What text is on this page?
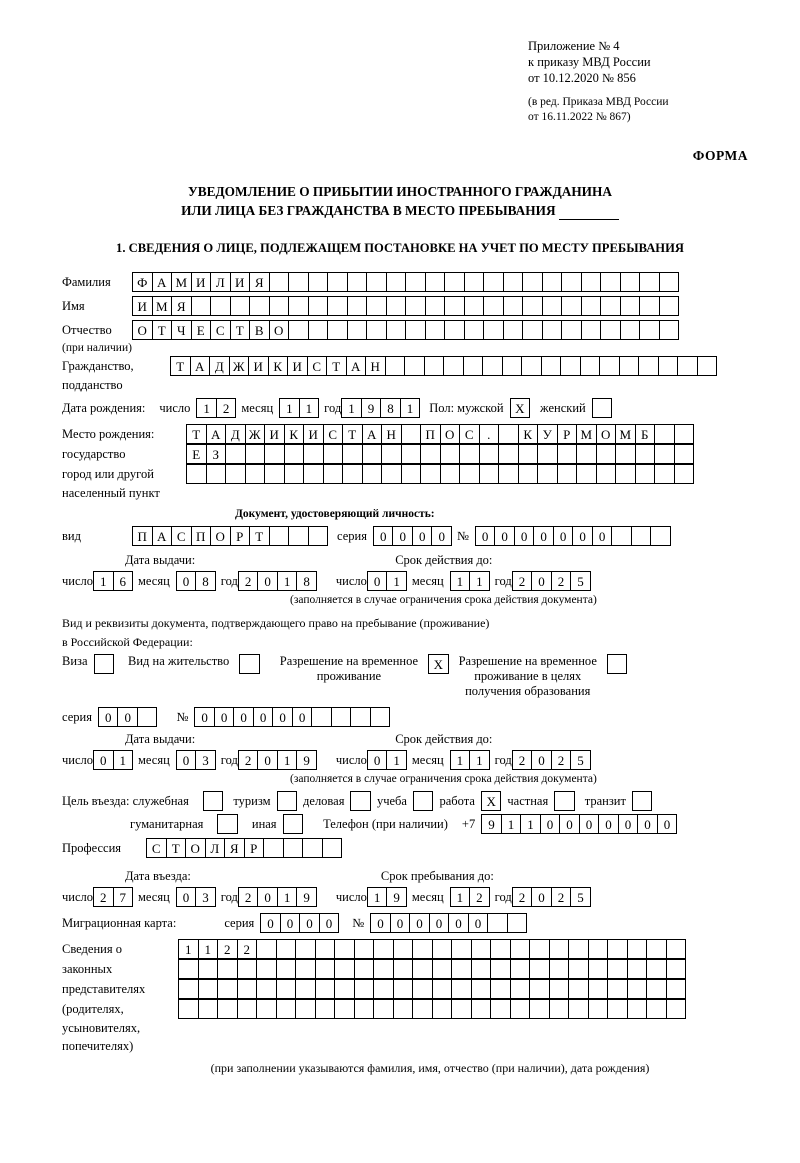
Приложение № 4
к приказу МВД России
от 10.12.2020 № 856
(в ред. Приказа МВД России
от 16.11.2022 № 867)
ФОРМА
УВЕДОМЛЕНИЕ О ПРИБЫТИИ ИНОСТРАННОГО ГРАЖДАНИНА
ИЛИ ЛИЦА БЕЗ ГРАЖДАНСТВА В МЕСТО ПРЕБЫВАНИЯ
1. СВЕДЕНИЯ О ЛИЦЕ, ПОДЛЕЖАЩЕМ ПОСТАНОВКЕ НА УЧЕТ ПО МЕСТУ ПРЕБЫВАНИЯ
Фамилия	Ф А М И Л И Я
Имя	И М Я
Отчество	О Т Ч Е С Т В О
(при наличии)
Гражданство,	Т А Д Ж И К И С Т А Н
подданство
Дата рождения: число	1	2 месяц	1	1 год 1	9	8	1	Пол: мужской X	женский
Место рождения:	Т А Д Ж И К И С Т А Н	П О С	.	К У Р М О М Б
государство	Е З
город или другой
населенный пункт
Документ, удостоверяющий личность:
вид	П А С П О Р Т	серия	0	0	0	0 №	0	0	0	0	0	0	0
Дата выдачи:	Срок действия до:
число 1	6 месяц	0	8 год 2	0	1	8	число 0	1 месяц	1	1 год 2	0	2	5
(заполняется в случае ограничения срока действия документа)
Вид и реквизиты документа, подтверждающего право на пребывание (проживание)
в Российской Федерации:
Виза	Вид на жительство	Разрешение на временное
проживание
X	Разрешение на временное
проживание в целях
получения образования
серия	0	0	№	0	0	0	0	0	0
Дата выдачи:	Срок действия до:
число 0	1 месяц	0	3 год 2	0	1	9	число 0	1 месяц	1	1 год 2	0	2	5
(заполняется в случае ограничения срока действия документа)
Цель въезда: служебная	туризм	деловая	учеба	работа X частная	транзит
гуманитарная	иная	Телефон (при наличии) +7	9	1	1	0	0	0	0	0	0	0
Профессия	С Т О Л Я Р
Дата въезда:	Срок пребывания до:
число 2	7 месяц	0	3 год 2	0	1	9	число 1	9 месяц	1	2 год 2	0	2	5
Миграционная карта:	серия	0	0	0	0	№	0	0	0	0	0	0
Сведения о	1	1	2	2
законных
представителях
(родителях,
усыновителях,
попечителях)
(при заполнении указываются фамилия, имя, отчество (при наличии), дата рождения)
